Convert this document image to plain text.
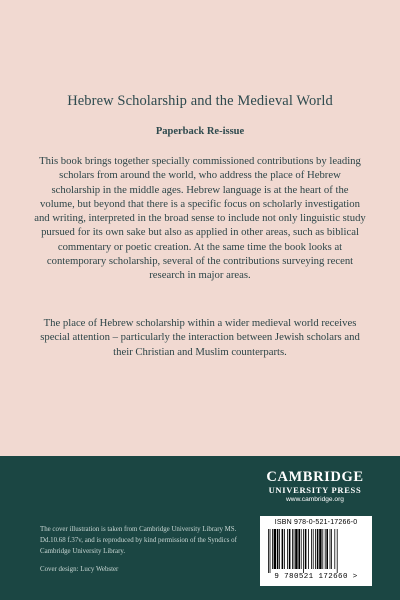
Hebrew Scholarship and the Medieval World
Paperback Re-issue
This book brings together specially commissioned contributions by leading scholars from around the world, who address the place of Hebrew scholarship in the middle ages. Hebrew language is at the heart of the volume, but beyond that there is a specific focus on scholarly investigation and writing, interpreted in the broad sense to include not only linguistic study pursued for its own sake but also as applied in other areas, such as biblical commentary or poetic creation. At the same time the book looks at contemporary scholarship, several of the contributions surveying recent research in major areas.
The place of Hebrew scholarship within a wider medieval world receives special attention – particularly the interaction between Jewish scholars and their Christian and Muslim counterparts.
The cover illustration is taken from Cambridge University Library MS. Dd.10.68 f.37v, and is reproduced by kind permission of the Syndics of Cambridge University Library.
Cover design: Lucy Webster
CAMBRIDGE
UNIVERSITY PRESS
www.cambridge.org
ISBN 978-0-521-17266-0
9 780521 172660 >
